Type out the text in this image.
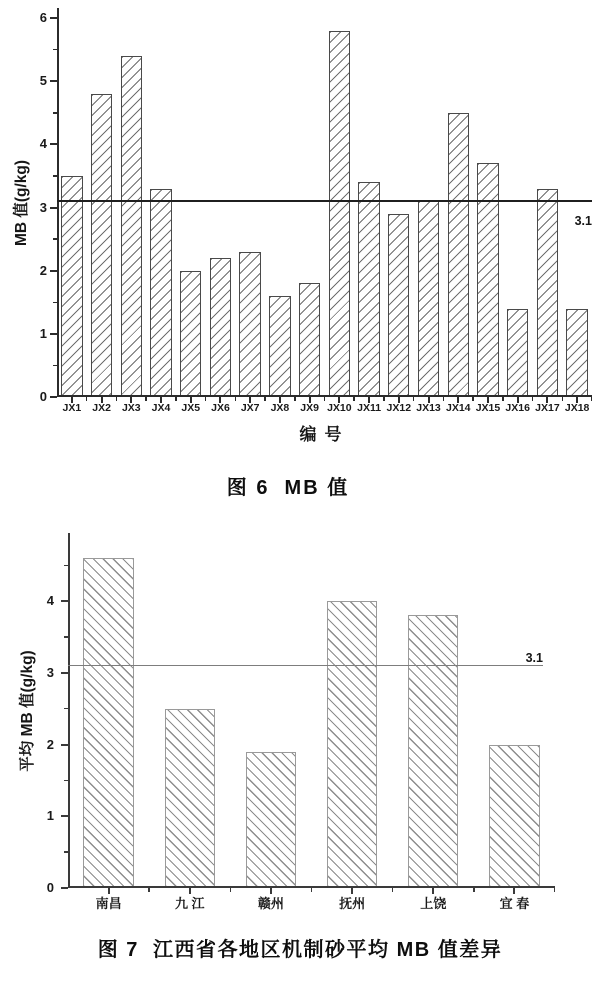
0
1
2
3
4
5
6
JX1 JX2 JX3 JX4 JX5 JX6 JX7 JX8 JX9 JX10 JX11 JX12 JX13 JX14 JX15 JX16 JX17 JX18
3.1
MB 值(g/kg)
编号
图 6  MB 值
0
1
2
3
4
南昌	九 江	赣州	抚州	上饶	宜 春
3.1
平均 MB 值(g/kg)
图 7  江西省各地区机制砂平均 MB 值差异
